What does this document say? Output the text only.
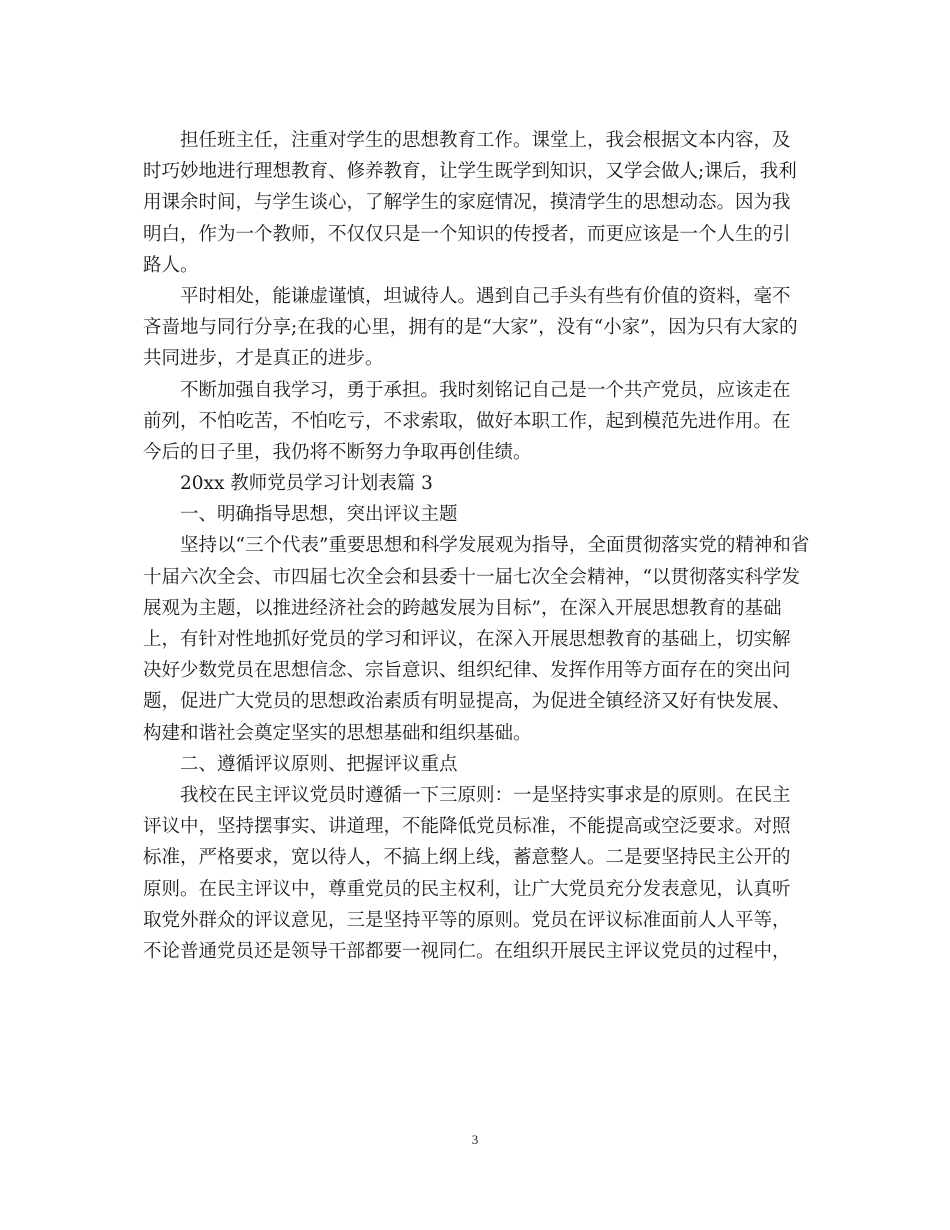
担任班主任，注重对学生的思想教育工作。课堂上，我会根据文本内容，及

时巧妙地进行理想教育、修养教育，让学生既学到知识，又学会做人;课后，我利

用课余时间，与学生谈心，了解学生的家庭情况，摸清学生的思想动态。因为我

明白，作为一个教师，不仅仅只是一个知识的传授者，而更应该是一个人生的引

路人。

平时相处，能谦虚谨慎，坦诚待人。遇到自己手头有些有价值的资料，毫不

吝啬地与同行分享;在我的心里，拥有的是“大家”，没有“小家”，因为只有大家的

共同进步，才是真正的进步。

不断加强自我学习，勇于承担。我时刻铭记自己是一个共产党员，应该走在

前列，不怕吃苦，不怕吃亏，不求索取，做好本职工作，起到模范先进作用。在

今后的日子里，我仍将不断努力争取再创佳绩。

20xx 教师党员学习计划表篇 3

一、明确指导思想，突出评议主题

坚持以“三个代表”重要思想和科学发展观为指导，全面贯彻落实党的精神和省

十届六次全会、市四届七次全会和县委十一届七次全会精神，“以贯彻落实科学发

展观为主题，以推进经济社会的跨越发展为目标”，在深入开展思想教育的基础

上，有针对性地抓好党员的学习和评议，在深入开展思想教育的基础上，切实解

决好少数党员在思想信念、宗旨意识、组织纪律、发挥作用等方面存在的突出问

题，促进广大党员的思想政治素质有明显提高，为促进全镇经济又好有快发展、

构建和谐社会奠定坚实的思想基础和组织基础。

二、遵循评议原则、把握评议重点

我校在民主评议党员时遵循一下三原则：一是坚持实事求是的原则。在民主

评议中，坚持摆事实、讲道理，不能降低党员标准，不能提高或空泛要求。对照

标准，严格要求，宽以待人，不搞上纲上线，蓄意整人。二是要坚持民主公开的

原则。在民主评议中，尊重党员的民主权利，让广大党员充分发表意见，认真听

取党外群众的评议意见，三是坚持平等的原则。党员在评议标准面前人人平等，

不论普通党员还是领导干部都要一视同仁。在组织开展民主评议党员的过程中，

3
